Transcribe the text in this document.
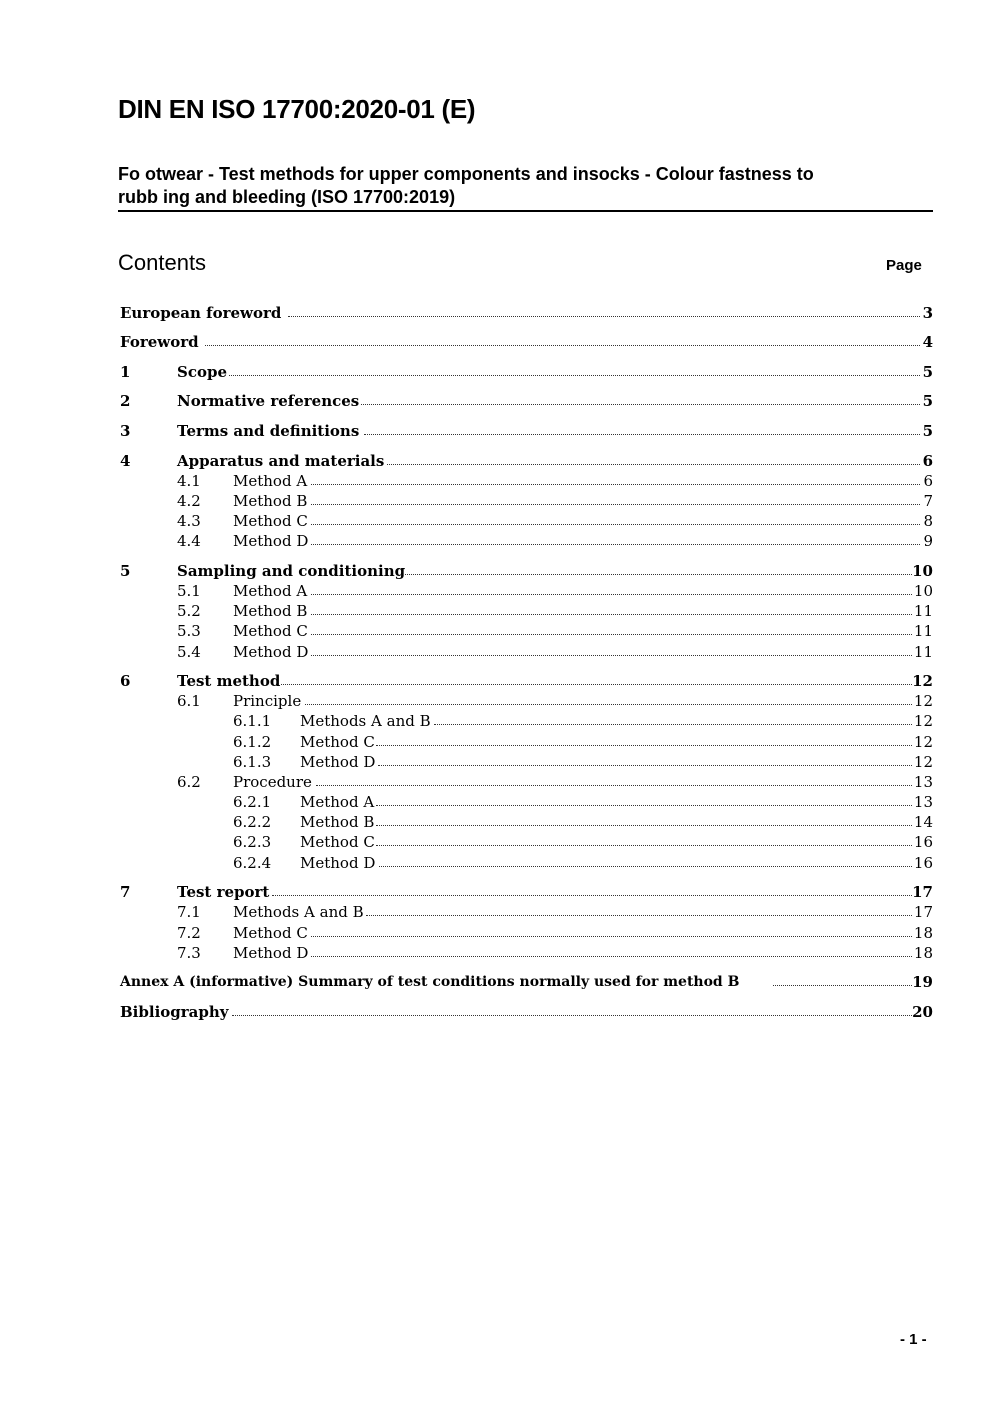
DIN EN ISO 17700:2020-01 (E)
Fo otwear - Test methods for upper components and insocks - Colour fastness to
rubb ing and bleeding (ISO 17700:2019)
Contents	Page
European foreword	3
Foreword	4
1	Scope	5
2	Normative references	5
3	Terms and definitions	5
4	Apparatus and materials	6
4.1 Method A	6
4.2 Method B	7
4.3 Method C	8
4.4 Method D	9
5	Sampling and conditioning	10
5.1 Method A	10
5.2 Method B	11
5.3 Method C	11
5.4 Method D	11
6	Test method	12
6.1 Principle	12
6.1.1 Methods A and B	12
6.1.2 Method C	12
6.1.3 Method D	12
6.2 Procedure	13
6.2.1 Method A	13
6.2.2 Method B	14
6.2.3 Method C	16
6.2.4 Method D	16
7	Test report	17
7.1 Methods A and B	17
7.2 Method C	18
7.3 Method D	18
Annex A (informative) Summary of test conditions normally used for method B	19
Bibliography	20
- 1 -
